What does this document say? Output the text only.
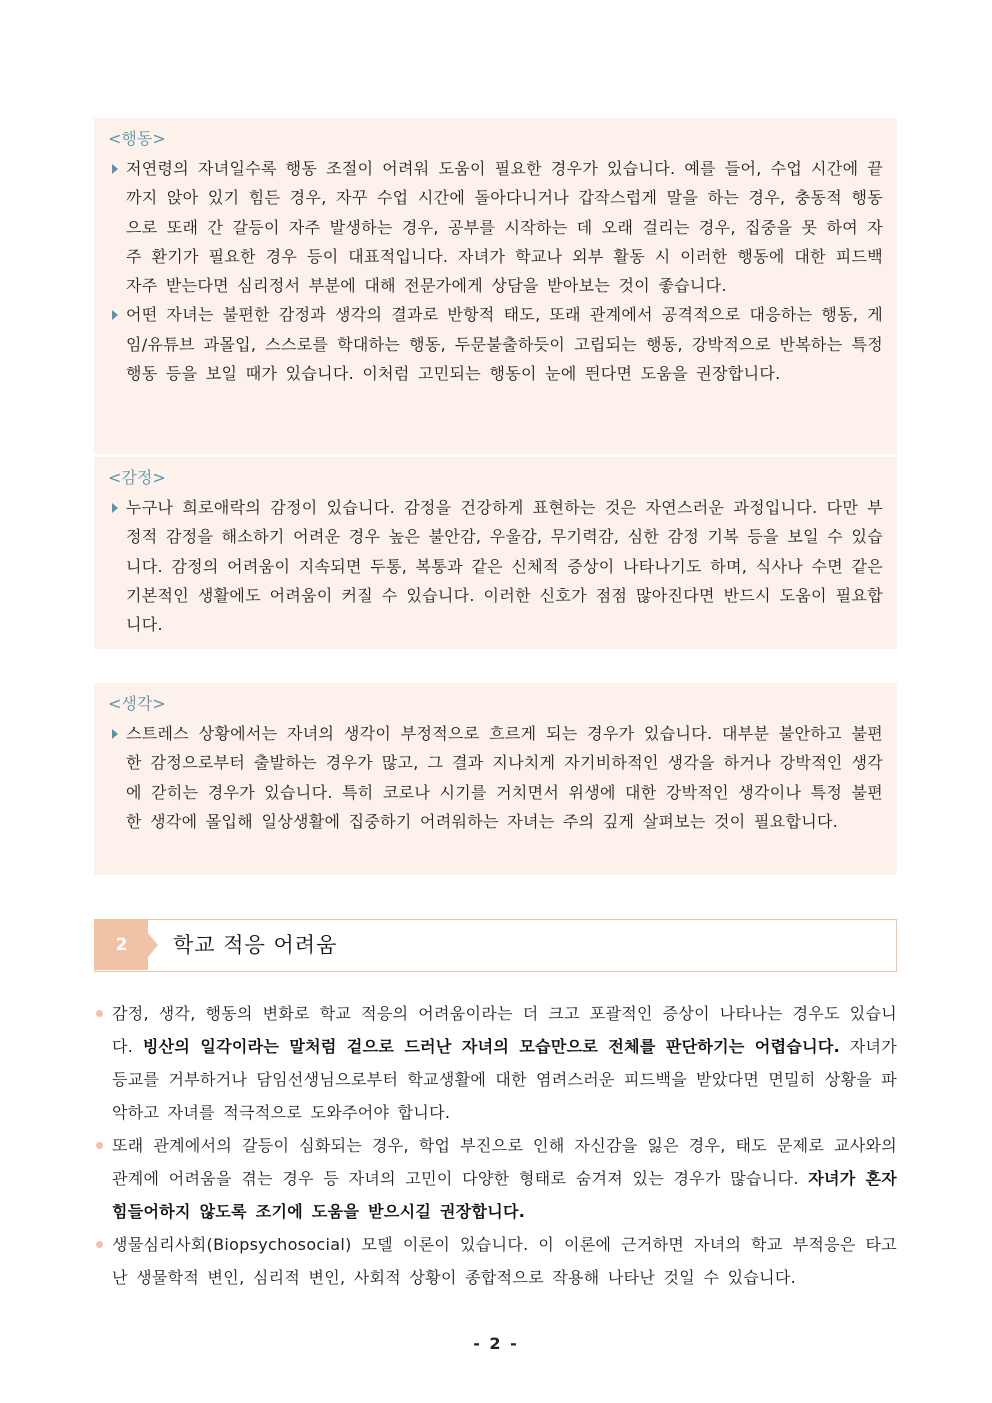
<행동>
저연령의 자녀일수록 행동 조절이 어려워 도움이 필요한 경우가 있습니다. 예를 들어, 수업 시간에 끝까지 앉아 있기 힘든 경우, 자꾸 수업 시간에 돌아다니거나 갑작스럽게 말을 하는 경우, 충동적 행동으로 또래 간 갈등이 자주 발생하는 경우, 공부를 시작하는 데 오래 걸리는 경우, 집중을 못 하여 자주 환기가 필요한 경우 등이 대표적입니다. 자녀가 학교나 외부 활동 시 이러한 행동에 대한 피드백 자주 받는다면 심리정서 부분에 대해 전문가에게 상담을 받아보는 것이 좋습니다.
어떤 자녀는 불편한 감정과 생각의 결과로 반항적 태도, 또래 관계에서 공격적으로 대응하는 행동, 게임/유튜브 과몰입, 스스로를 학대하는 행동, 두문불출하듯이 고립되는 행동, 강박적으로 반복하는 특정 행동 등을 보일 때가 있습니다. 이처럼 고민되는 행동이 눈에 띈다면 도움을 권장합니다.
<감정>
누구나 희로애락의 감정이 있습니다. 감정을 건강하게 표현하는 것은 자연스러운 과정입니다. 다만 부정적 감정을 해소하기 어려운 경우 높은 불안감, 우울감, 무기력감, 심한 감정 기복 등을 보일 수 있습니다. 감정의 어려움이 지속되면 두통, 복통과 같은 신체적 증상이 나타나기도 하며, 식사나 수면 같은 기본적인 생활에도 어려움이 커질 수 있습니다. 이러한 신호가 점점 많아진다면 반드시 도움이 필요합니다.
<생각>
스트레스 상황에서는 자녀의 생각이 부정적으로 흐르게 되는 경우가 있습니다. 대부분 불안하고 불편한 감정으로부터 출발하는 경우가 많고, 그 결과 지나치게 자기비하적인 생각을 하거나 강박적인 생각에 갇히는 경우가 있습니다. 특히 코로나 시기를 거치면서 위생에 대한 강박적인 생각이나 특정 불편한 생각에 몰입해 일상생활에 집중하기 어려워하는 자녀는 주의 깊게 살펴보는 것이 필요합니다.
2	학교 적응 어려움
감정, 생각, 행동의 변화로 학교 적응의 어려움이라는 더 크고 포괄적인 증상이 나타나는 경우도 있습니다. 빙산의 일각이라는 말처럼 겉으로 드러난 자녀의 모습만으로 전체를 판단하기는 어렵습니다. 자녀가 등교를 거부하거나 담임선생님으로부터 학교생활에 대한 염려스러운 피드백을 받았다면 면밀히 상황을 파악하고 자녀를 적극적으로 도와주어야 합니다.
또래 관계에서의 갈등이 심화되는 경우, 학업 부진으로 인해 자신감을 잃은 경우, 태도 문제로 교사와의 관계에 어려움을 겪는 경우 등 자녀의 고민이 다양한 형태로 숨겨져 있는 경우가 많습니다. 자녀가 혼자 힘들어하지 않도록 조기에 도움을 받으시길 권장합니다.
생물심리사회(Biopsychosocial) 모델 이론이 있습니다. 이 이론에 근거하면 자녀의 학교 부적응은 타고난 생물학적 변인, 심리적 변인, 사회적 상황이 종합적으로 작용해 나타난 것일 수 있습니다.
- 2 -
